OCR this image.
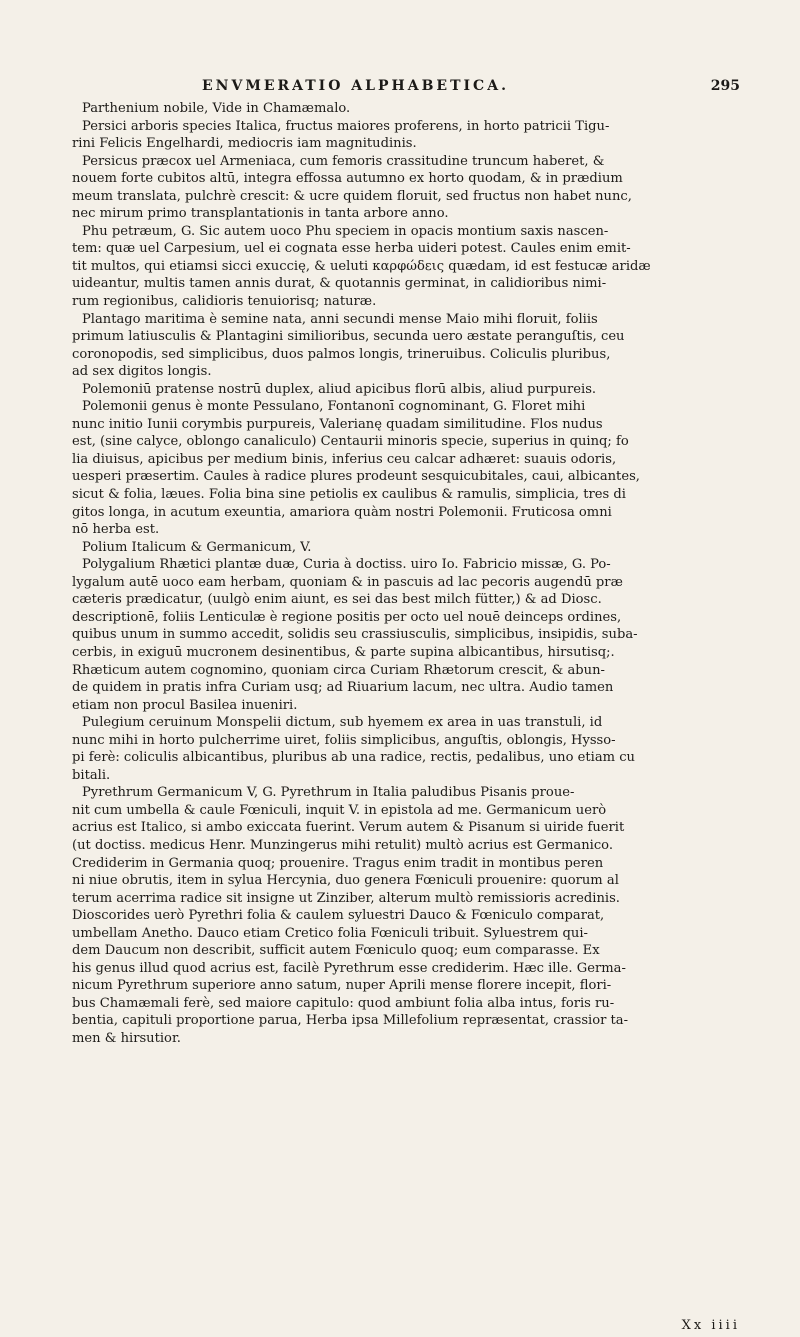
ENVMERATIO ALPHABETICA.	295
Parthenium nobile, Vide in Chamæmalo.
Persici arboris species Italica, fructus maiores proferens, in horto patricii Tigu-
rini Felicis Engelhardi, mediocris iam magnitudinis.
Persicus præcox uel Armeniaca, cum femoris crassitudine truncum haberet, &
nouem forte cubitos altū, integra effossa autumno ex horto quodam, & in prædium
meum translata, pulchrè crescit: & ucre quidem floruit, sed fructus non habet nunc,
nec mirum primo transplantationis in tanta arbore anno.
Phu petræum, G. Sic autem uoco Phu speciem in opacis montium saxis nascen-
tem: quæ uel Carpesium, uel ei cognata esse herba uideri potest. Caules enim emit-
tit multos, qui etiamsi sicci exuccię, & ueluti καρφώδεις quædam, id est festucæ aridæ
uideantur, multis tamen annis durat, & quotannis germinat, in calidioribus nimi-
rum regionibus, calidioris tenuiorisq; naturæ.
Plantago maritima è semine nata, anni secundi mense Maio mihi floruit, foliis
primum latiusculis & Plantagini similioribus, secunda uero æstate peranguſtis, ceu
coronopodis, sed simplicibus, duos palmos longis, trineruibus. Coliculis pluribus,
ad sex digitos longis.
Polemoniū pratense nostrū duplex, aliud apicibus florū albis, aliud purpureis.
Polemonii genus è monte Pessulano, Fontanonī cognominant, G. Floret mihi
nunc initio Iunii corymbis purpureis, Valerianę quadam similitudine. Flos nudus
est, (sine calyce, oblongo canaliculo) Centaurii minoris specie, superius in quinq; fo
lia diuisus, apicibus per medium binis, inferius ceu calcar adhæret: suauis odoris,
uesperi præsertim. Caules à radice plures prodeunt sesquicubitales, caui, albicantes,
sicut & folia, læues. Folia bina sine petiolis ex caulibus & ramulis, simplicia, tres di
gitos longa, in acutum exeuntia, amariora quàm nostri Polemonii. Fruticosa omni
nō herba est.
Polium Italicum & Germanicum, V.
Polygalium Rhætici plantæ duæ, Curia à doctiss. uiro Io. Fabricio missæ, G. Po-
lygalum autē uoco eam herbam, quoniam & in pascuis ad lac pecoris augendū præ
cæteris prædicatur, (uulgò enim aiunt, es sei das best milch fütter,) & ad Diosc.
descriptionē, foliis Lenticulæ è regione positis per octo uel nouē deinceps ordines,
quibus unum in summo accedit, solidis seu crassiusculis, simplicibus, insipidis, suba-
cerbis, in exiguū mucronem desinentibus, & parte supina albicantibus, hirsutisq;.
Rhæticum autem cognomino, quoniam circa Curiam Rhætorum crescit, & abun-
de quidem in pratis infra Curiam usq; ad Riuarium lacum, nec ultra. Audio tamen
etiam non procul Basilea inueniri.
Pulegium ceruinum Monspelii dictum, sub hyemem ex area in uas transtuli, id
nunc mihi in horto pulcherrime uiret, foliis simplicibus, anguſtis, oblongis, Hysso-
pi ferè: coliculis albicantibus, pluribus ab una radice, rectis, pedalibus, uno etiam cu
bitali.
Pyrethrum Germanicum V, G. Pyrethrum in Italia paludibus Pisanis proue-
nit cum umbella & caule Fœniculi, inquit V. in epistola ad me. Germanicum uerò
acrius est Italico, si ambo exiccata fuerint. Verum autem & Pisanum si uiride fuerit
(ut doctiss. medicus Henr. Munzingerus mihi retulit) multò acrius est Germanico.
Crediderim in Germania quoq; prouenire. Tragus enim tradit in montibus peren
ni niue obrutis, item in sylua Hercynia, duo genera Fœniculi prouenire: quorum al
terum acerrima radice sit insigne ut Zinziber, alterum multò remissioris acredinis.
Dioscorides uerò Pyrethri folia & caulem syluestri Dauco & Fœniculo comparat,
umbellam Anetho. Dauco etiam Cretico folia Fœniculi tribuit. Syluestrem qui-
dem Daucum non describit, sufficit autem Fœniculo quoq; eum comparasse. Ex
his genus illud quod acrius est, facilè Pyrethrum esse crediderim. Hæc ille. Germa-
nicum Pyrethrum superiore anno satum, nuper Aprili mense florere incepit, flori-
bus Chamæmali ferè, sed maiore capitulo: quod ambiunt folia alba intus, foris ru-
bentia, capituli proportione parua, Herba ipsa Millefolium repræsentat, crassior ta-
men & hirsutior.
Xx iiii
